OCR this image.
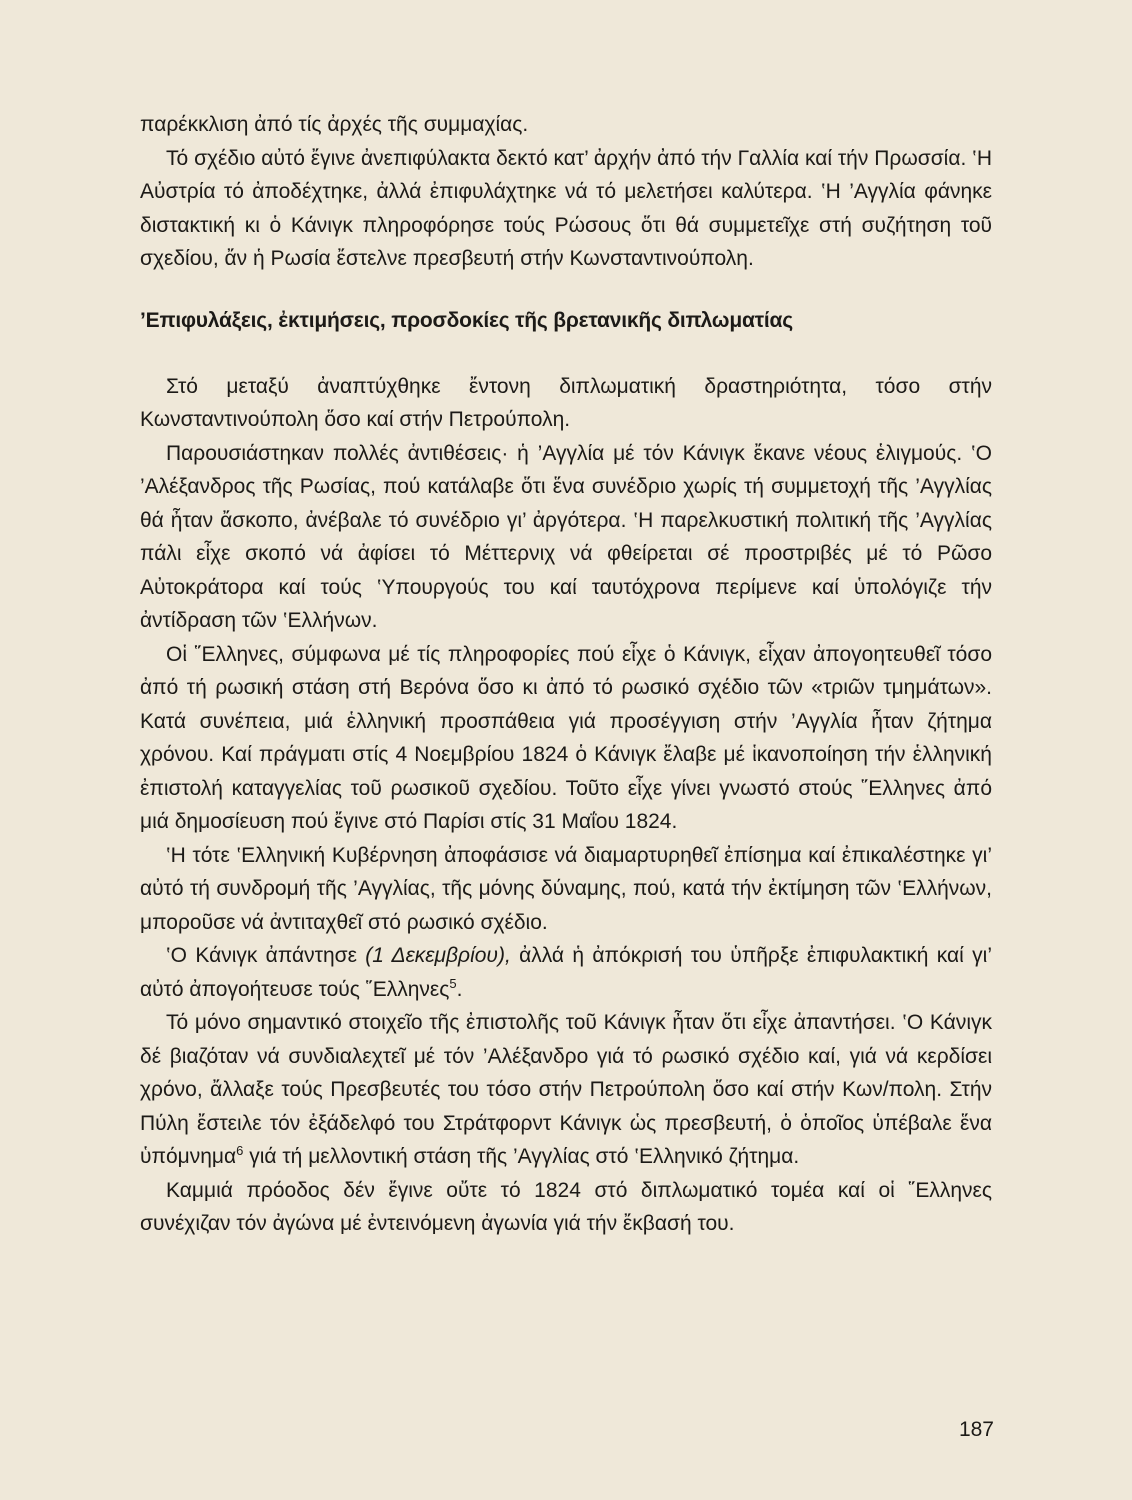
παρέκκλιση ἀπό τίς ἀρχές τῆς συμμαχίας.

Τό σχέδιο αὐτό ἔγινε ἀνεπιφύλακτα δεκτό κατ’ ἀρχήν ἀπό τήν Γαλλία καί τήν Πρωσσία. ‛Η Αὐστρία τό ἀποδέχτηκε, ἀλλά ἐπιφυλάχτηκε νά τό μελετήσει καλύτερα. ‛Η ’Αγγλία φάνηκε διστακτική κι ὁ Κάνιγκ πληροφόρησε τούς Ρώσους ὅτι θά συμμετεῖχε στή συζήτηση τοῦ σχεδίου, ἄν ἡ Ρωσία ἔστελνε πρεσβευτή στήν Κωνσταντινούπολη.

’Επιφυλάξεις, ἐκτιμήσεις, προσδοκίες τῆς βρετανικῆς διπλωματίας

Στό μεταξύ ἀναπτύχθηκε ἔντονη διπλωματική δραστηριότητα, τόσο στήν Κωνσταντινούπολη ὅσο καί στήν Πετρούπολη.

Παρουσιάστηκαν πολλές ἀντιθέσεις· ἡ ’Αγγλία μέ τόν Κάνιγκ ἔκανε νέους ἑλιγμούς. ‛Ο ’Αλέξανδρος τῆς Ρωσίας, πού κατάλαβε ὅτι ἕνα συνέδριο χωρίς τή συμμετοχή τῆς ’Αγγλίας θά ἦταν ἄσκοπο, ἀνέβαλε τό συνέδριο γι’ ἀργότερα. ‛Η παρελκυστική πολιτική τῆς ’Αγγλίας πάλι εἶχε σκοπό νά ἀφίσει τό Μέττερνιχ νά φθείρεται σέ προστριβές μέ τό Ρῶσο Αὐτοκράτορα καί τούς ‛Υπουργούς του καί ταυτόχρονα περίμενε καί ὑπολόγιζε τήν ἀντίδραση τῶν ‛Ελλήνων.

Οἱ ῞Ελληνες, σύμφωνα μέ τίς πληροφορίες πού εἶχε ὁ Κάνιγκ, εἶχαν ἀπογοητευθεῖ τόσο ἀπό τή ρωσική στάση στή Βερόνα ὅσο κι ἀπό τό ρωσικό σχέδιο τῶν «τριῶν τμημάτων». Κατά συνέπεια, μιά ἑλληνική προσπάθεια γιά προσέγγιση στήν ’Αγγλία ἦταν ζήτημα χρόνου. Καί πράγματι στίς 4 Νοεμβρίου 1824 ὁ Κάνιγκ ἔλαβε μέ ἱκανοποίηση τήν ἑλληνική ἐπιστολή καταγγελίας τοῦ ρωσικοῦ σχεδίου. Τοῦτο εἶχε γίνει γνωστό στούς ῞Ελληνες ἀπό μιά δημοσίευση πού ἔγινε στό Παρίσι στίς 31 Μαΐου 1824.

‛Η τότε ‛Ελληνική Κυβέρνηση ἀποφάσισε νά διαμαρτυρηθεῖ ἐπίσημα καί ἐπικαλέστηκε γι’ αὐτό τή συνδρομή τῆς ’Αγγλίας, τῆς μόνης δύναμης, πού, κατά τήν ἐκτίμηση τῶν ‛Ελλήνων, μποροῦσε νά ἀντιταχθεῖ στό ρωσικό σχέδιο.

‛Ο Κάνιγκ ἀπάντησε (1 Δεκεμβρίου), ἀλλά ἡ ἀπόκρισή του ὑπῆρξε ἐπιφυλακτική καί γι’ αὐτό ἀπογοήτευσε τούς ῞Ελληνες$^5$.

Τό μόνο σημαντικό στοιχεῖο τῆς ἐπιστολῆς τοῦ Κάνιγκ ἦταν ὅτι εἶχε ἀπαντήσει. ‛Ο Κάνιγκ δέ βιαζόταν νά συνδιαλεχτεῖ μέ τόν ’Αλέξανδρο γιά τό ρωσικό σχέδιο καί, γιά νά κερδίσει χρόνο, ἄλλαξε τούς Πρεσβευτές του τόσο στήν Πετρούπολη ὅσο καί στήν Κων/πολη. Στήν Πύλη ἔστειλε τόν ἐξάδελφό του Στράτφορντ Κάνιγκ ὡς πρεσβευτή, ὁ ὁποῖος ὑπέβαλε ἕνα ὑπόμνημα$^6$ γιά τή μελλοντική στάση τῆς ’Αγγλίας στό ‛Ελληνικό ζήτημα.

Καμμιά πρόοδος δέν ἔγινε οὔτε τό 1824 στό διπλωματικό τομέα καί οἱ ῞Ελληνες συνέχιζαν τόν ἀγώνα μέ ἐντεινόμενη ἀγωνία γιά τήν ἔκβασή του.

187
